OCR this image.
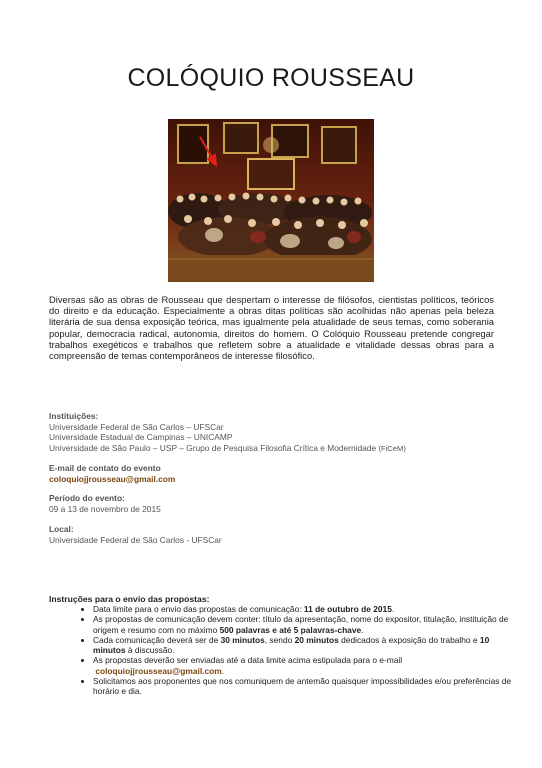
COLÓQUIO ROUSSEAU
Diversas são as obras de Rousseau que despertam o interesse de filósofos, cientistas políticos, teóricos do direito e da educação. Especialmente a obras ditas políticas são acolhidas não apenas pela beleza literária de sua densa exposição teórica, mas igualmente pela atualidade de seus temas, como soberania popular, democracia radical, autonomia, direitos do homem. O Colóquio Rousseau pretende congregar trabalhos exegéticos e trabalhos que refletem sobre a atualidade e vitalidade dessas obras para a compreensão de temas contemporâneos de interesse filosófico.
Instituições:
Universidade Federal de São Carlos – UFSCar
Universidade Estadual de Campinas – UNICAMP
Universidade de São Paulo – USP – Grupo de Pesquisa Filosofia Crítica e Modernidade (FiCeM)
E-mail de contato do evento
coloquiojjrousseau@gmail.com
Período do evento:
09 a 13 de novembro de 2015
Local:
Universidade Federal de São Carlos - UFSCar
Instruções para o envio das propostas:
• Data limite para o envio das propostas de comunicação: 11 de outubro de 2015.
• As propostas de comunicação devem conter: título da apresentação, nome do expositor, titulação, instituição de origem e resumo com no máximo 500 palavras e até 5 palavras-chave.
• Cada comunicação deverá ser de 30 minutos, sendo 20 minutos dedicados à exposição do trabalho e 10 minutos à discussão.
• As propostas deverão ser enviadas até a data limite acima estipulada para o e-mail
coloquiojjrousseau@gmail.com.
• Solicitamos aos proponentes que nos comuniquem de antemão quaisquer impossibilidades e/ou preferências de horário e dia.
